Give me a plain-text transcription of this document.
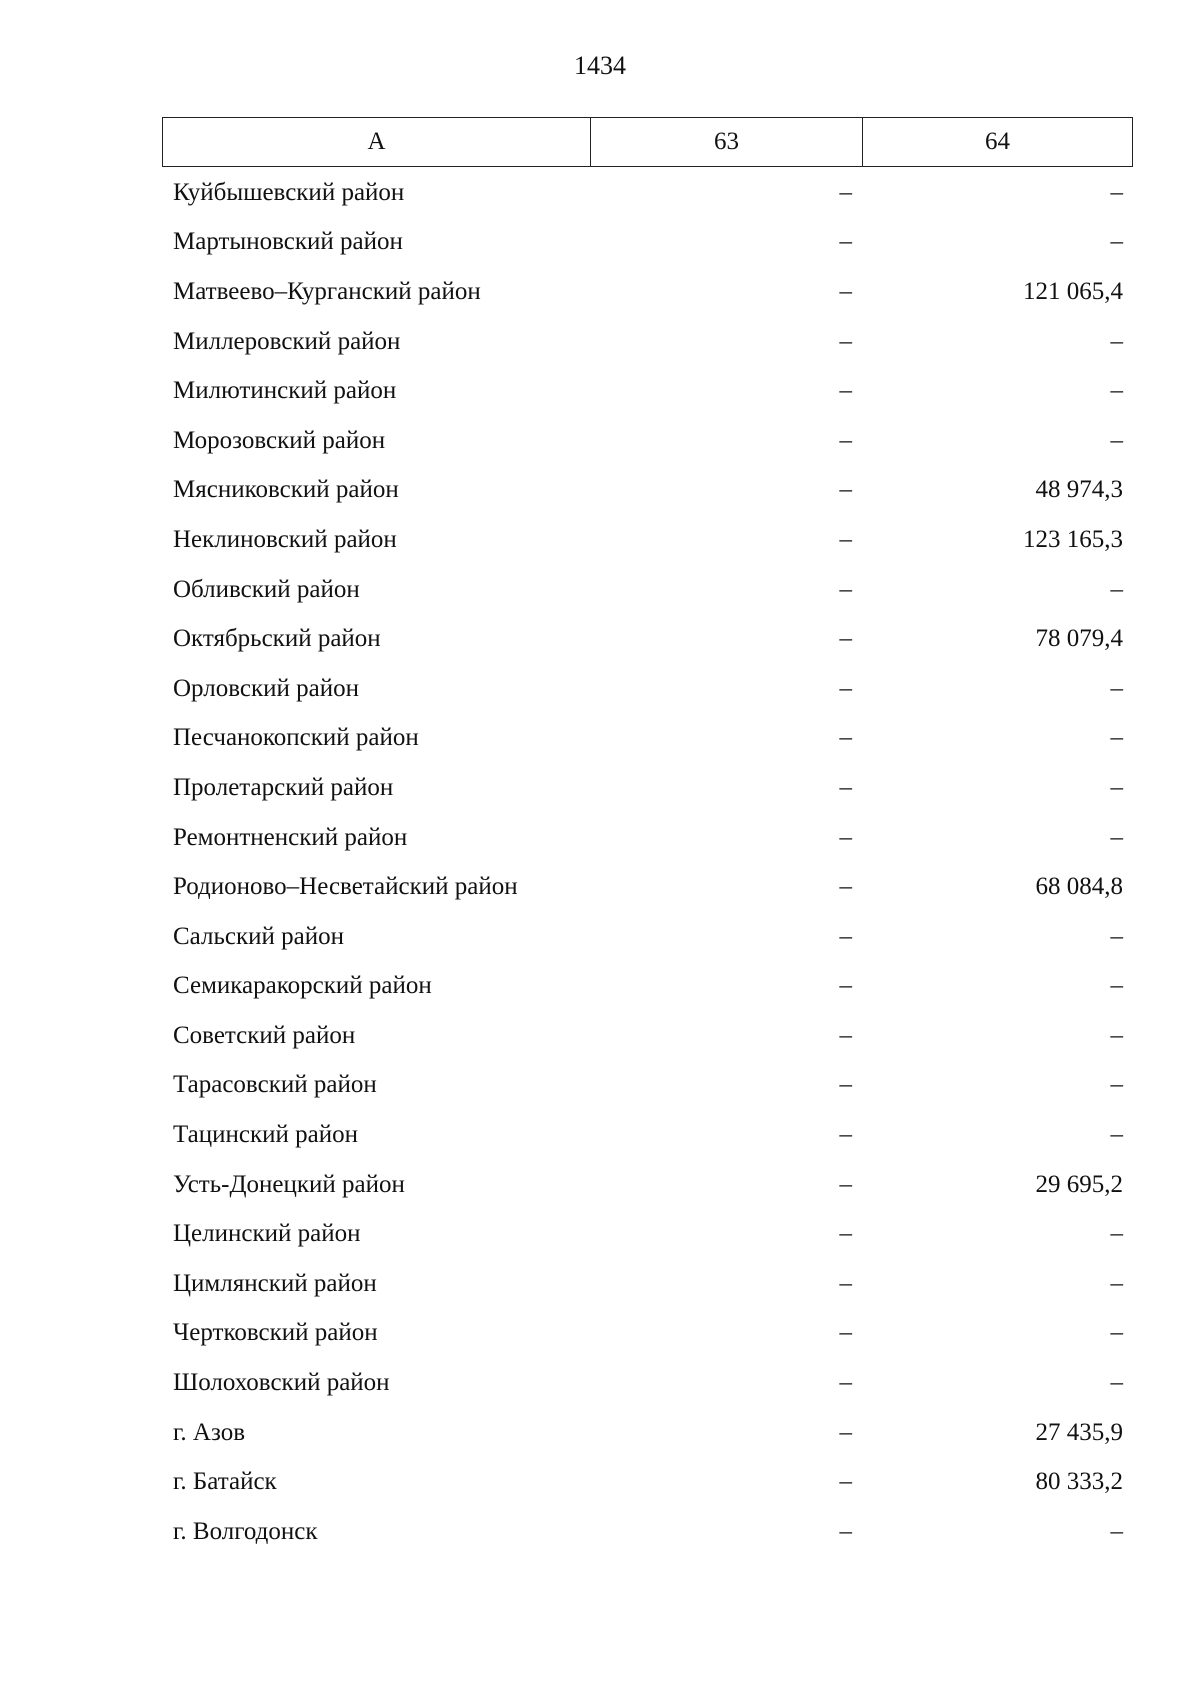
1434
А	63	64
Куйбышевский район	–	–
Мартыновский район	–	–
Матвеево–Курганский район	–	121 065,4
Миллеровский район	–	–
Милютинский район	–	–
Морозовский район	–	–
Мясниковский район	–	48 974,3
Неклиновский район	–	123 165,3
Обливский район	–	–
Октябрьский район	–	78 079,4
Орловский район	–	–
Песчанокопский район	–	–
Пролетарский район	–	–
Ремонтненский район	–	–
Родионово–Несветайский район	–	68 084,8
Сальский район	–	–
Семикаракорский район	–	–
Советский район	–	–
Тарасовский район	–	–
Тацинский район	–	–
Усть-Донецкий район	–	29 695,2
Целинский район	–	–
Цимлянский район	–	–
Чертковский район	–	–
Шолоховский район	–	–
г. Азов	–	27 435,9
г. Батайск	–	80 333,2
г. Волгодонск	–	–
